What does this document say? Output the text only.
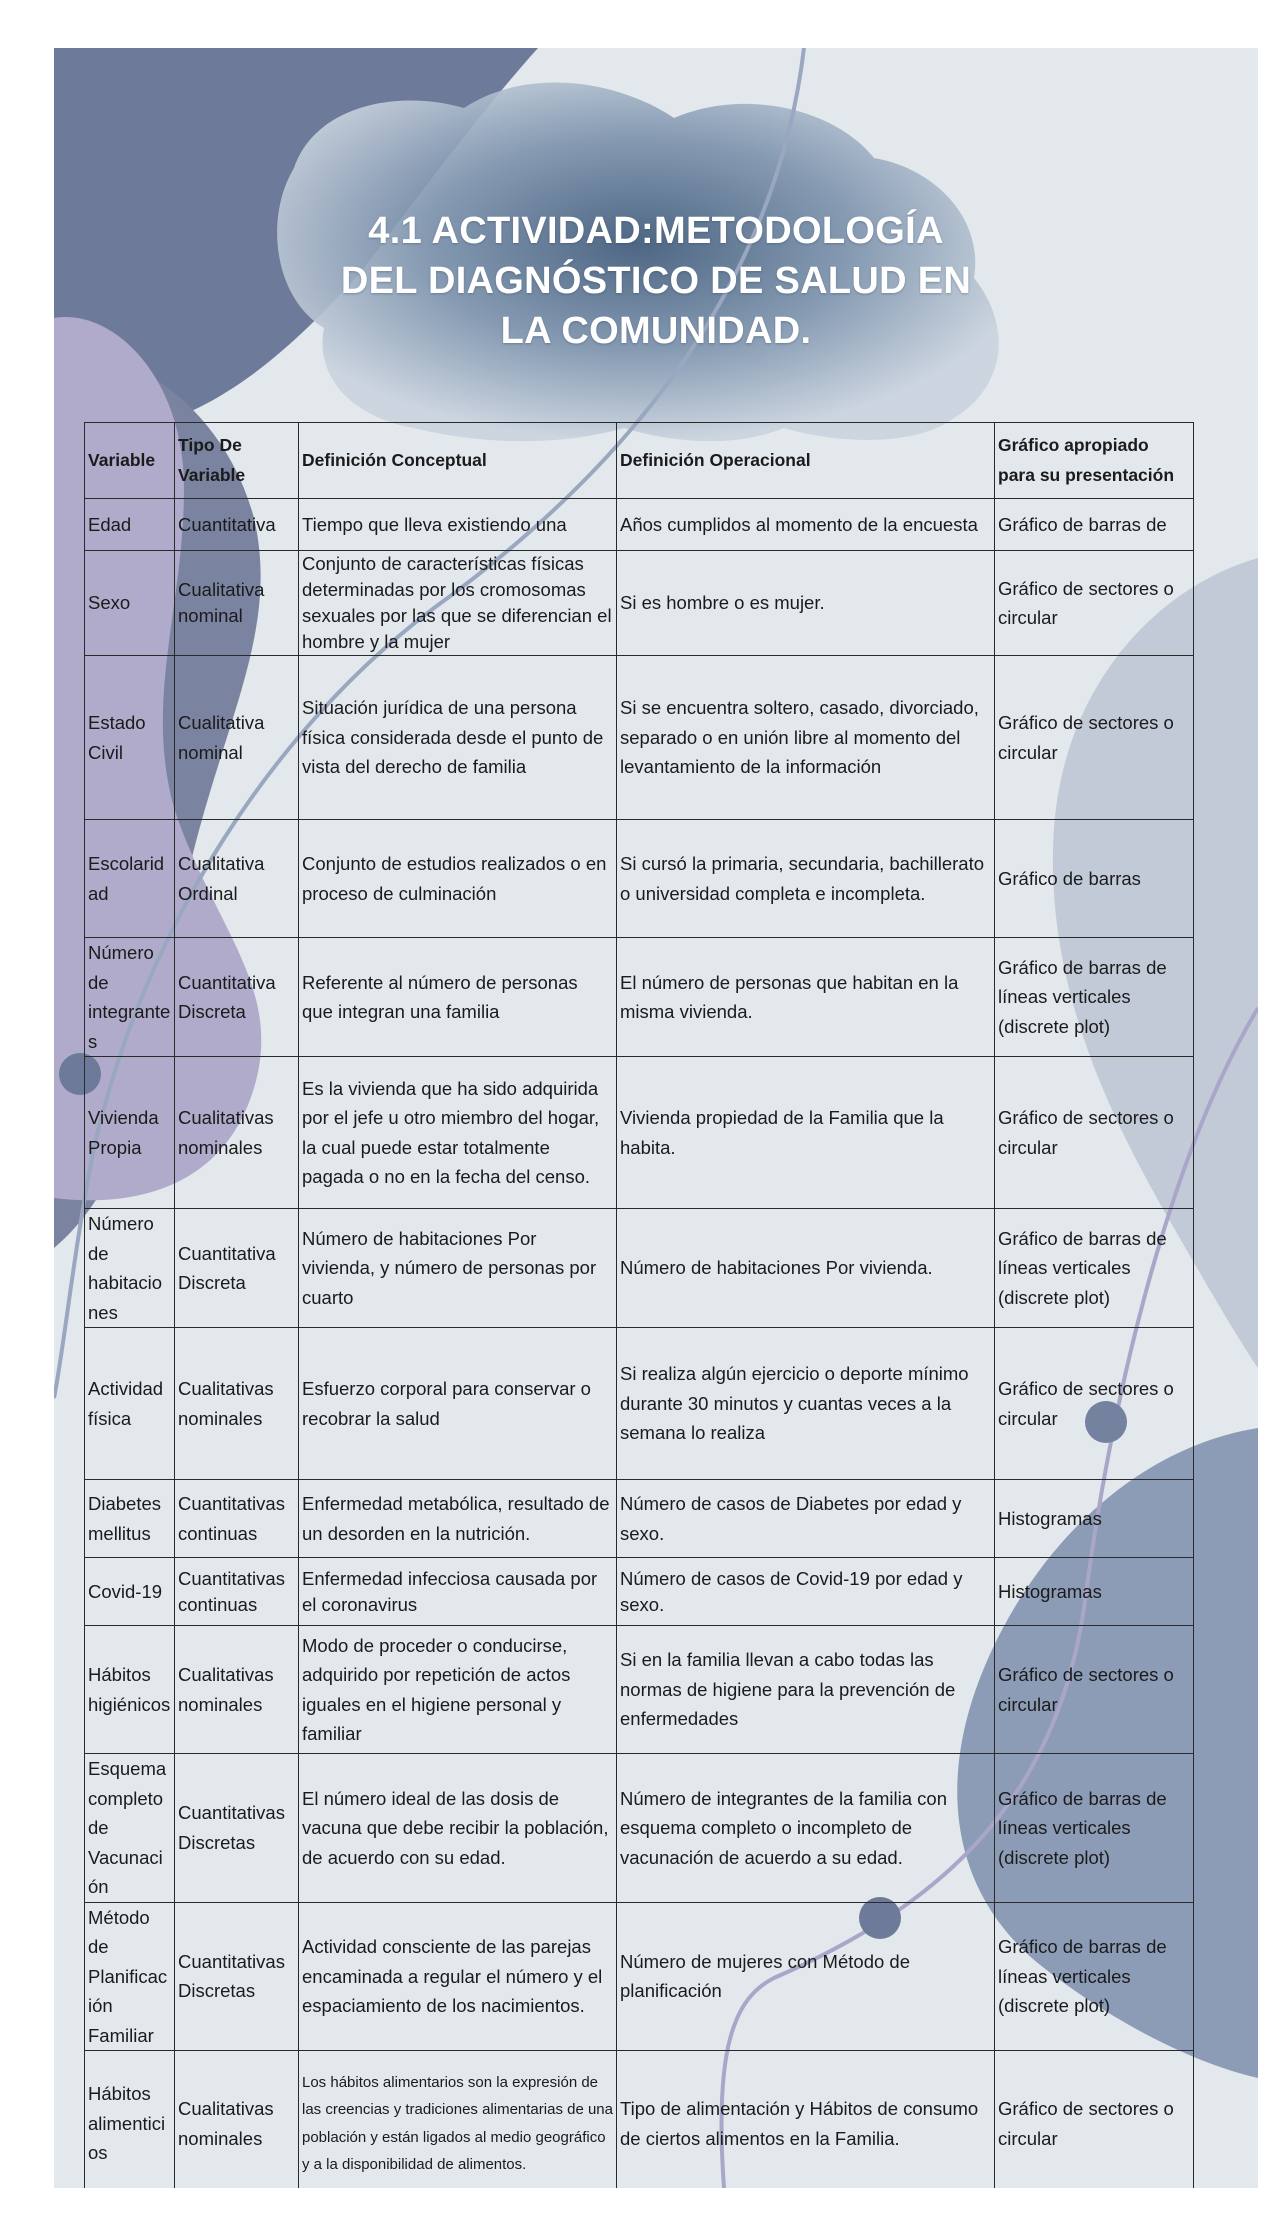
4.1 ACTIVIDAD:METODOLOGÍA
DEL DIAGNÓSTICO DE SALUD EN
LA COMUNIDAD.
Variable	Tipo De Variable	Definición Conceptual	Definición Operacional	Gráfico apropiado para su presentación
Edad	Cuantitativa	Tiempo que lleva existiendo una	Años cumplidos al momento de la encuesta	Gráfico de barras de
Sexo	Cualitativa nominal	Conjunto de características físicas determinadas por los cromosomas sexuales por las que se diferencian el hombre y la mujer	Si es hombre o es mujer.	Gráfico de sectores o circular
Estado Civil	Cualitativa nominal	Situación jurídica de una persona física considerada desde el punto de vista del derecho de familia	Si se encuentra soltero, casado, divorciado, separado o en unión libre al momento del levantamiento de la información	Gráfico de sectores o circular
Escolaridad	Cualitativa Ordinal	Conjunto de estudios realizados o en proceso de culminación	Si cursó la primaria, secundaria, bachillerato o universidad completa e incompleta.	Gráfico de barras
Número de integrantes	Cuantitativa Discreta	Referente al número de personas que integran una familia	El número de personas que habitan en la misma vivienda.	Gráfico de barras de líneas verticales (discrete plot)
Vivienda Propia	Cualitativas nominales	Es la vivienda que ha sido adquirida por el jefe u otro miembro del hogar, la cual puede estar totalmente pagada o no en la fecha del censo.	Vivienda propiedad de la Familia que la habita.	Gráfico de sectores o circular
Número de habitaciones	Cuantitativa Discreta	Número de habitaciones Por vivienda, y número de personas por cuarto	Número de habitaciones Por vivienda.	Gráfico de barras de líneas verticales (discrete plot)
Actividad física	Cualitativas nominales	Esfuerzo corporal para conservar o recobrar la salud	Si realiza algún ejercicio o deporte mínimo durante 30 minutos y cuantas veces a la semana lo realiza	Gráfico de sectores o circular
Diabetes mellitus	Cuantitativas continuas	Enfermedad metabólica, resultado de un desorden en la nutrición.	Número de casos de Diabetes por edad y sexo.	Histogramas
Covid-19	Cuantitativas continuas	Enfermedad infecciosa causada por el coronavirus	Número de casos de Covid-19 por edad y sexo.	Histogramas
Hábitos higiénicos	Cualitativas nominales	Modo de proceder o conducirse, adquirido por repetición de actos iguales en el higiene personal y familiar	Si en la familia llevan a cabo todas las normas de higiene para la prevención de enfermedades	Gráfico de sectores o circular
Esquema completo de Vacunación	Cuantitativas Discretas	El número ideal de las dosis de vacuna que debe recibir la población, de acuerdo con su edad.	Número de integrantes de la familia con esquema completo o incompleto de vacunación de acuerdo a su edad.	Gráfico de barras de líneas verticales (discrete plot)
Método de Planificación Familiar	Cuantitativas Discretas	Actividad consciente de las parejas encaminada a regular el número y el espaciamiento de los nacimientos.	Número de mujeres con Método de planificación	Gráfico de barras de líneas verticales (discrete plot)
Hábitos alimenticios	Cualitativas nominales	Los hábitos alimentarios son la expresión de las creencias y tradiciones alimentarias de una población y están ligados al medio geográfico y a la disponibilidad de alimentos.	Tipo de alimentación y Hábitos de consumo de ciertos alimentos en la Familia.	Gráfico de sectores o circular
